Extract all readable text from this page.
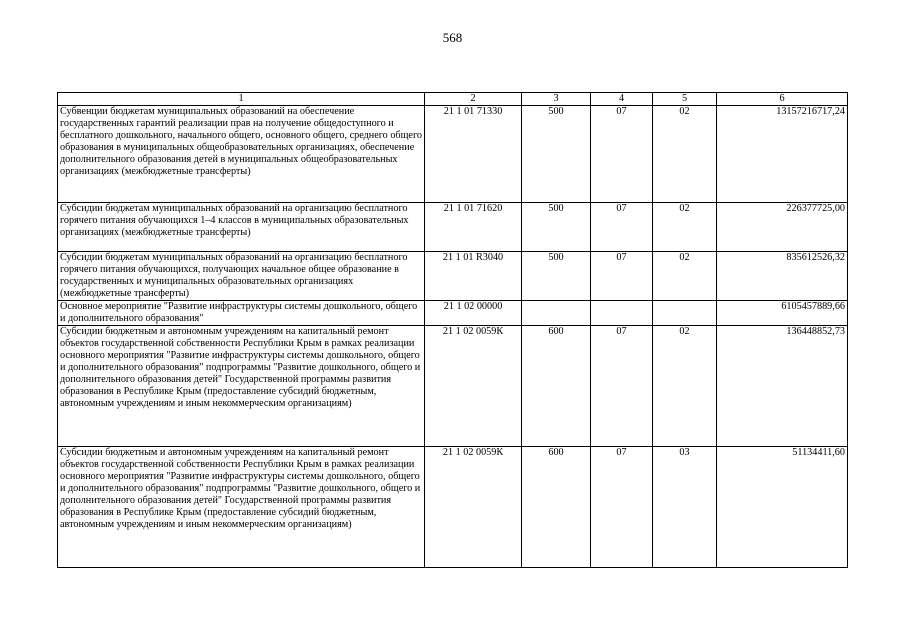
568
1	2	3	4	5	6
Субвенции бюджетам муниципальных образований на обеспечение государственных гарантий реализации прав на получение общедоступного и бесплатного дошкольного, начального общего, основного общего, среднего общего образования в муниципальных общеобразовательных организациях, обеспечение дополнительного образования детей в муниципальных общеобразовательных организациях (межбюджетные трансферты)	21 1 01 71330	500	07	02	13157216717,24
Субсидии бюджетам муниципальных образований на организацию бесплатного горячего питания обучающихся 1–4 классов в муниципальных образовательных организациях (межбюджетные трансферты)	21 1 01 71620	500	07	02	226377725,00
Субсидии бюджетам муниципальных образований на организацию бесплатного горячего питания обучающихся, получающих начальное общее образование в государственных и муниципальных образовательных организациях (межбюджетные трансферты)	21 1 01 R3040	500	07	02	835612526,32
Основное мероприятие "Развитие инфраструктуры системы дошкольного, общего и дополнительного образования"	21 1 02 00000				6105457889,66
Субсидии бюджетным и автономным учреждениям на капитальный ремонт объектов государственной собственности Республики Крым в рамках реализации основного мероприятия "Развитие инфраструктуры системы дошкольного, общего и дополнительного образования" подпрограммы "Развитие дошкольного, общего и дополнительного образования детей" Государственной программы развития образования в Республике Крым (предоставление субсидий бюджетным, автономным учреждениям и иным некоммерческим организациям)	21 1 02 0059К	600	07	02	136448852,73
Субсидии бюджетным и автономным учреждениям на капитальный ремонт объектов государственной собственности Республики Крым в рамках реализации основного мероприятия "Развитие инфраструктуры системы дошкольного, общего и дополнительного образования" подпрограммы "Развитие дошкольного, общего и дополнительного образования детей" Государственной программы развития образования в Республике Крым (предоставление субсидий бюджетным, автономным учреждениям и иным некоммерческим организациям)	21 1 02 0059К	600	07	03	51134411,60
